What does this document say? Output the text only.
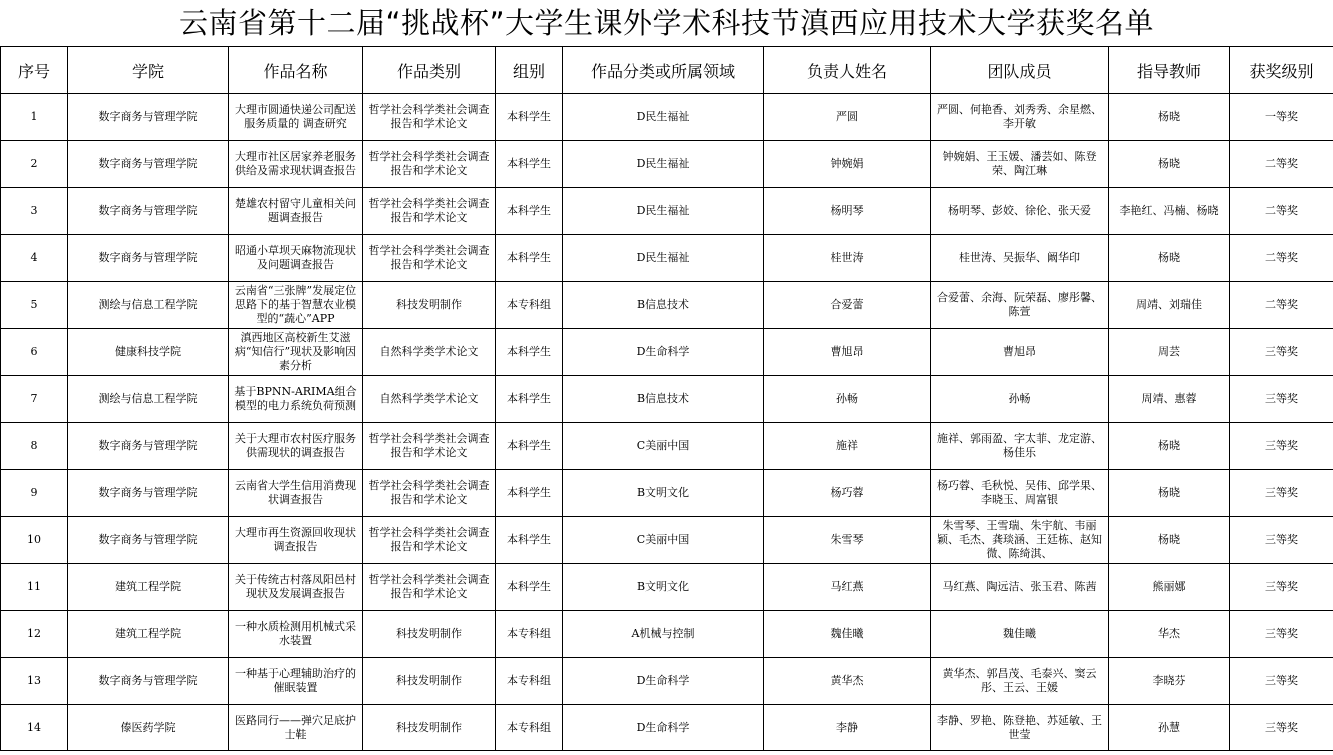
云南省第十二届“挑战杯”大学生课外学术科技节滇西应用技术大学获奖名单
序号	学院	作品名称	作品类别	组别	作品分类或所属领域	负责人姓名	团队成员	指导教师	获奖级别
1	数字商务与管理学院	大理市圆通快递公司配送服务质量的 调查研究	哲学社会科学类社会调查报告和学术论文	本科学生	D民生福祉	严圆	严圆、何艳香、刘秀秀、余星燃、李开敏	杨晓	一等奖
2	数字商务与管理学院	大理市社区居家养老服务供给及需求现状调查报告	哲学社会科学类社会调查报告和学术论文	本科学生	D民生福祉	钟婉娟	钟婉娟、王玉媛、潘芸如、陈登荣、陶江琳	杨晓	二等奖
3	数字商务与管理学院	楚雄农村留守儿童相关问题调查报告	哲学社会科学类社会调查报告和学术论文	本科学生	D民生福祉	杨明琴	杨明琴、彭姣、徐伦、张天爱	李艳红、冯楠、杨晓	二等奖
4	数字商务与管理学院	昭通小草坝天麻物流现状及问题调查报告	哲学社会科学类社会调查报告和学术论文	本科学生	D民生福祉	桂世涛	桂世涛、吴振华、阚华印	杨晓	二等奖
5	测绘与信息工程学院	云南省“三张牌”发展定位思路下的基于智慧农业模型的“蔬心”APP	科技发明制作	本专科组	B信息技术	合爱蕾	合爱蕾、余海、阮荣磊、廖彤馨、陈萱	周靖、刘瑞佳	二等奖
6	健康科技学院	滇西地区高校新生艾滋病“知信行”现状及影响因素分析	自然科学类学术论文	本科学生	D生命科学	曹旭昂	曹旭昂	周芸	三等奖
7	测绘与信息工程学院	基于BPNN-ARIMA组合模型的电力系统负荷预测	自然科学类学术论文	本科学生	B信息技术	孙畅	孙畅	周靖、惠蓉	三等奖
8	数字商务与管理学院	关于大理市农村医疗服务供需现状的调查报告	哲学社会科学类社会调查报告和学术论文	本科学生	C美丽中国	施祥	施祥、郭雨盈、字太菲、龙定游、杨佳乐	杨晓	三等奖
9	数字商务与管理学院	云南省大学生信用消费现状调查报告	哲学社会科学类社会调查报告和学术论文	本科学生	B文明文化	杨巧蓉	杨巧蓉、毛秋悦、吴伟、邱学果、李晓玉、周富银	杨晓	三等奖
10	数字商务与管理学院	大理市再生资源回收现状调查报告	哲学社会科学类社会调查报告和学术论文	本科学生	C美丽中国	朱雪琴	朱雪琴、王雪瑞、朱宇航、韦丽颖、毛杰、龚琰涵、王廷栋、赵知微、陈绮淇、	杨晓	三等奖
11	建筑工程学院	关于传统古村落凤阳邑村现状及发展调查报告	哲学社会科学类社会调查报告和学术论文	本科学生	B文明文化	马红燕	马红燕、陶远洁、张玉君、陈茜	熊丽娜	三等奖
12	建筑工程学院	一种水质检测用机械式采水装置	科技发明制作	本专科组	A机械与控制	魏佳曦	魏佳曦	华杰	三等奖
13	数字商务与管理学院	一种基于心理辅助治疗的催眠装置	科技发明制作	本专科组	D生命科学	黄华杰	黄华杰、郭昌茂、毛泰兴、窦云彤、王云、王媛	李晓芬	三等奖
14	傣医药学院	医路同行——弹穴足底护士鞋	科技发明制作	本专科组	D生命科学	李静	李静、罗艳、陈登艳、苏延敏、王世莹	孙慧	三等奖
